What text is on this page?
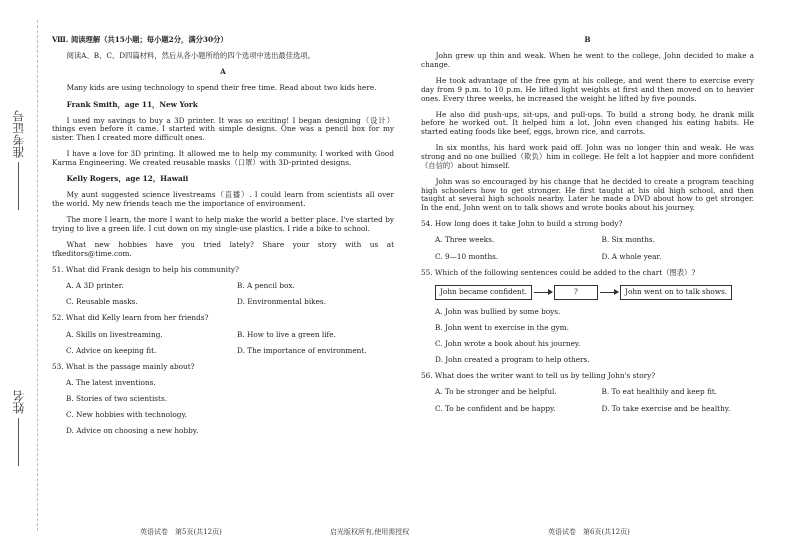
准考证号
姓名

Ⅷ. 阅读理解（共15小题；每小题2分，满分30分）

阅读A、B、C、D四篇材料，然后从各小题所给的四个选项中选出最佳选项。

A

Many kids are using technology to spend their free time. Read about two kids here.

Frank Smith，age 11，New York

I used my savings to buy a 3D printer. It was so exciting! I began designing（设计）things even before it came. I started with simple designs. One was a pencil box for my sister. Then I created more difficult ones.

I have a love for 3D printing. It allowed me to help my community. I worked with Good Karma Engineering. We created reusable masks（口罩）with 3D-printed designs.

Kelly Rogers，age 12，Hawaii

My aunt suggested science livestreams（直播）. I could learn from scientists all over the world. My new friends teach me the importance of environment.

The more I learn, the more I want to help make the world a better place. I've started by trying to live a green life. I cut down on my single-use plastics. I ride a bike to school.

What new hobbies have you tried lately? Share your story with us at tfkeditors@time.com.

51. What did Frank design to help his community?

A. A 3D printer.	B. A pencil box.

C. Reusable masks.	D. Environmental bikes.

52. What did Kelly learn from her friends?

A. Skills on livestreaming.	B. How to live a green life.

C. Advice on keeping fit.	D. The importance of environment.

53. What is the passage mainly about?

A. The latest inventions.

B. Stories of two scientists.

C. New hobbies with technology.

D. Advice on choosing a new hobby.

B

John grew up thin and weak. When he went to the college, John decided to make a change.

He took advantage of the free gym at his college, and went there to exercise every day from 9 p.m. to 10 p.m. He lifted light weights at first and then moved on to heavier ones. Every three weeks, he increased the weight he lifted by five pounds.

He also did push-ups, sit-ups, and pull-ups. To build a strong body, he drank milk before he worked out. It helped him a lot. John even changed his eating habits. He started eating foods like beef, eggs, brown rice, and carrots.

In six months, his hard work paid off. John was no longer thin and weak. He was strong and no one bullied（欺负）him in college. He felt a lot happier and more confident（自信的）about himself.

John was so encouraged by his change that he decided to create a program teaching high schoolers how to get stronger. He first taught at his old high school, and then taught at several high schools nearby. Later he made a DVD about how to get stronger. In the end, John went on to talk shows and wrote books about his journey.

54. How long does it take John to build a strong body?

A. Three weeks.	B. Six months.

C. 9—10 months.	D. A whole year.

55. Which of the following sentences could be added to the chart（图表）?

John became confident.	?	John went on to talk shows.

A. John was bullied by some boys.

B. John went to exercise in the gym.

C. John wrote a book about his journey.

D. John created a program to help others.

56. What does the writer want to tell us by telling John's story?

A. To be stronger and be helpful.	B. To eat healthily and keep fit.

C. To be confident and be happy.	D. To take exercise and be healthy.

英语试卷　第5页(共12页)	启光版权所有,使用需授权	英语试卷　第6页(共12页)
